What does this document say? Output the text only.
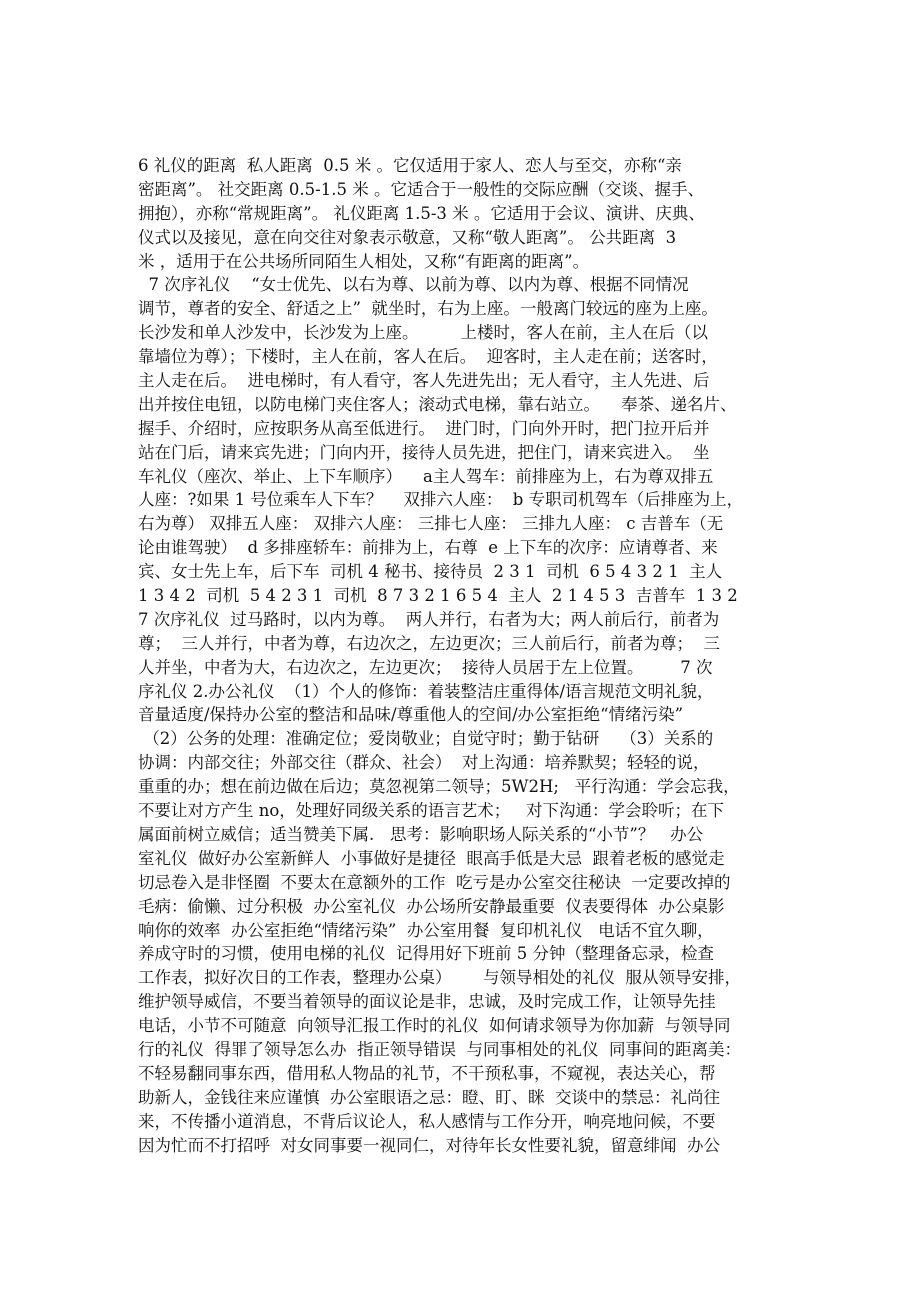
6 礼仪的距离  私人距离  0.5 米 。它仅适用于家人、恋人与至交，亦称“亲
密距离”。 社交距离 0.5-1.5 米 。它适合于一般性的交际应酬（交谈、握手、
拥抱），亦称“常规距离”。 礼仪距离 1.5-3 米 。它适用于会议、演讲、庆典、
仪式以及接见，意在向交往对象表示敬意，又称“敬人距离”。 公共距离  3
米 ，适用于在公共场所同陌生人相处，又称“有距离的距离”。
7 次序礼仪    “女士优先、以右为尊、以前为尊、以内为尊、根据不同情况
调节，尊者的安全、舒适之上”  就坐时，右为上座。一般离门较远的座为上座。
长沙发和单人沙发中，长沙发为上座。        上楼时，客人在前，主人在后（以
靠墙位为尊）；下楼时，主人在前，客人在后。  迎客时，主人走在前；送客时，
主人走在后。  进电梯时，有人看守，客人先进先出；无人看守，主人先进、后
出并按住电钮，以防电梯门夹住客人；滚动式电梯，靠右站立。    奉茶、递名片、
握手、介绍时，应按职务从高至低进行。  进门时，门向外开时，把门拉开后并
站在门后，请来宾先进；门向内开，接待人员先进，把住门，请来宾进入。  坐
车礼仪（座次、举止、上下车顺序）    a主人驾车：前排座为上，右为尊双排五
人座：?如果 1 号位乘车人下车？    双排六人座：  b 专职司机驾车（后排座为上，
右为尊） 双排五人座： 双排六人座： 三排七人座： 三排九人座： c 吉普车（无
论由谁驾驶）  d 多排座轿车：前排为上，右尊  e 上下车的次序：应请尊者、来
宾、女士先上车，后下车  司机 4 秘书、接待员  2 3 1  司机  6 5 4 3 2 1  主人
1 3 4 2  司机  5 4 2 3 1  司机  8 7 3 2 1 6 5 4  主人  2 1 4 5 3  吉普车  1 3 2
7 次序礼仪  过马路时，以内为尊。  两人并行，右者为大；两人前后行，前者为
尊；  三人并行，中者为尊，右边次之，左边更次；三人前后行，前者为尊；  三
人并坐，中者为大，右边次之，左边更次；  接待人员居于左上位置。       7 次
序礼仪 2.办公礼仪  （1）个人的修饰：着装整洁庄重得体/语言规范文明礼貌，
音量适度/保持办公室的整洁和品味/尊重他人的空间/办公室拒绝“情绪污染”
（2）公务的处理：准确定位；爱岗敬业；自觉守时；勤于钻研    （3）关系的
协调：内部交往；外部交往（群众、社会）  对上沟通：培养默契；轻轻的说，
重重的办；想在前边做在后边；莫忽视第二领导；5W2H;   平行沟通：学会忘我，
不要让对方产生 no，处理好同级关系的语言艺术；   对下沟通：学会聆听；在下
属面前树立威信；适当赞美下属.   思考：影响职场人际关系的“小节”？   办公
室礼仪  做好办公室新鲜人  小事做好是捷径  眼高手低是大忌  跟着老板的感觉走
切忌卷入是非怪圈  不要太在意额外的工作  吃亏是办公室交往秘诀  一定要改掉的
毛病：偷懒、过分积极  办公室礼仪  办公场所安静最重要  仪表要得体  办公桌影
响你的效率  办公室拒绝“情绪污染”  办公室用餐  复印机礼仪   电话不宜久聊，
养成守时的习惯，使用电梯的礼仪  记得用好下班前 5 分钟（整理备忘录，检查
工作表，拟好次日的工作表，整理办公桌）      与领导相处的礼仪  服从领导安排，
维护领导威信，不要当着领导的面议论是非，忠诚，及时完成工作，让领导先挂
电话，小节不可随意  向领导汇报工作时的礼仪  如何请求领导为你加薪  与领导同
行的礼仪  得罪了领导怎么办  指正领导错误  与同事相处的礼仪  同事间的距离美：
不轻易翻同事东西，借用私人物品的礼节，不干预私事，不窥视，表达关心，帮
助新人，金钱往来应谨慎  办公室眼语之忌：瞪、盯、眯  交谈中的禁忌：礼尚往
来，不传播小道消息，不背后议论人，私人感情与工作分开，响亮地问候，不要
因为忙而不打招呼  对女同事要一视同仁，对待年长女性要礼貌，留意绯闻  办公
